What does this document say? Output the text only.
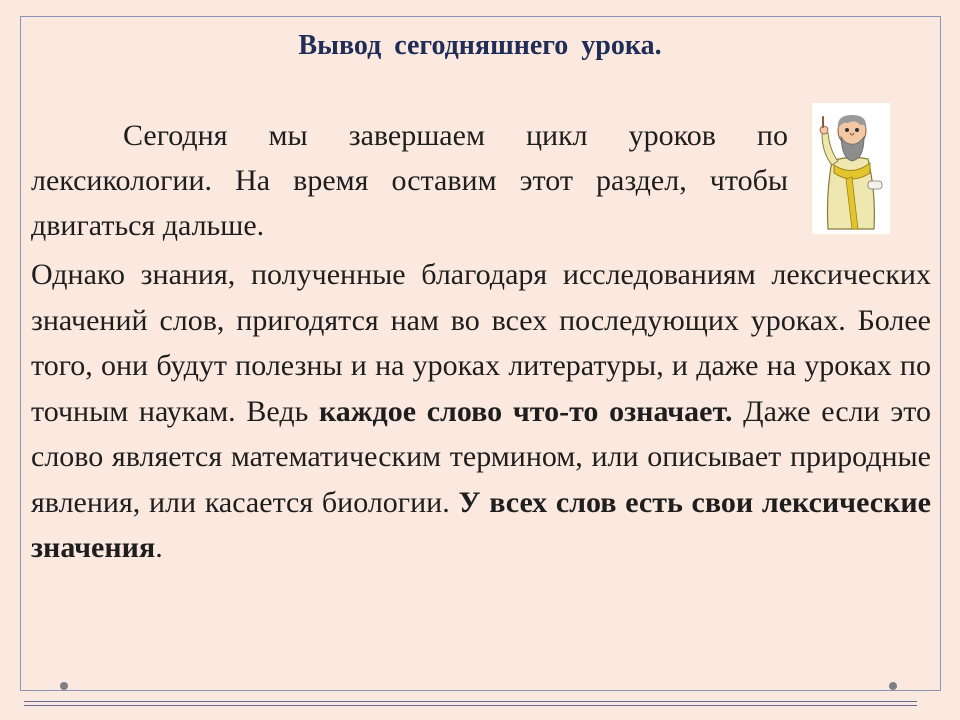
Вывод сегодняшнего урока.

Сегодня мы завершаем цикл уроков по лексикологии. На время оставим этот раздел, чтобы двигаться дальше.

Однако знания, полученные благодаря исследованиям лексических значений слов, пригодятся нам во всех последующих уроках. Более того, они будут полезны и на уроках литературы, и даже на уроках по точным наукам. Ведь каждое слово что-то означает. Даже если это слово является математическим термином, или описывает природные явления, или касается биологии. У всех слов есть свои лексические значения.
